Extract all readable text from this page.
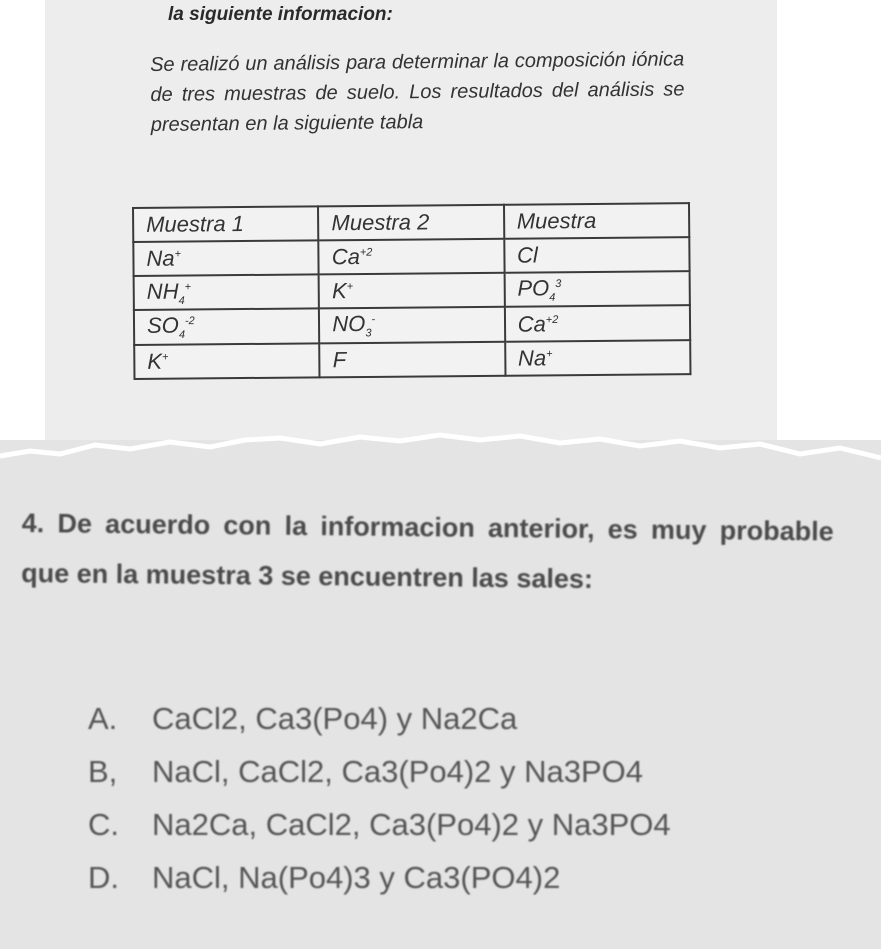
la siguiente informacion:

Se realizó un análisis para determinar la composición iónica de tres muestras de suelo. Los resultados del análisis se presentan en la siguiente tabla

Muestra 1	Muestra 2	Muestra
Na+	$Ca^{+2}$	Cl
$NH_4^+$	K+	$PO_4^3$
$SO_4^{-2}$	$NO_3^-$	$Ca^{+2}$
K+	F	Na+

4. De acuerdo con la informacion anterior, es muy probable que en la muestra 3 se encuentren las sales:

A. CaCl2, Ca3(Po4) y Na2Ca
B, NaCl, CaCl2, Ca3(Po4)2 y Na3PO4
C. Na2Ca, CaCl2, Ca3(Po4)2 y Na3PO4
D. NaCl, Na(Po4)3 y Ca3(PO4)2
